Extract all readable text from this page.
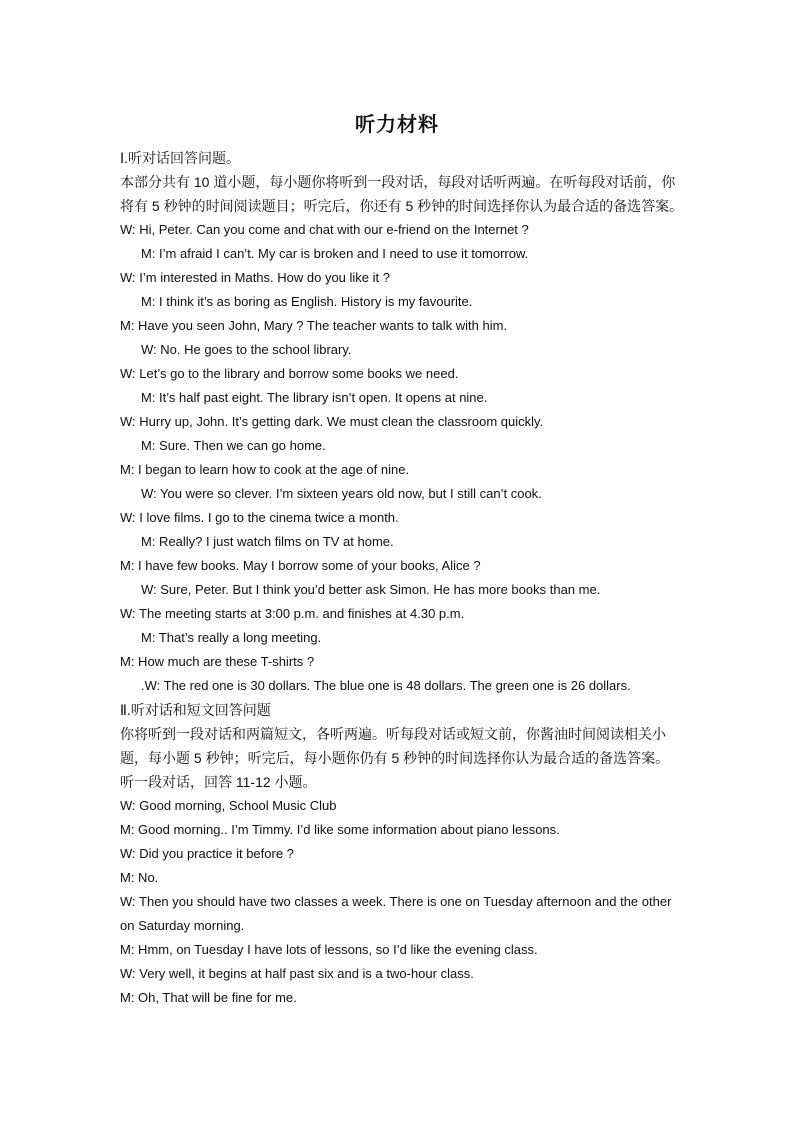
听力材料
Ⅰ.听对话回答问题。
本部分共有 10 道小题，每小题你将听到一段对话，每段对话听两遍。在听每段对话前，你
将有 5 秒钟的时间阅读题目；听完后，你还有 5 秒钟的时间选择你认为最合适的备选答案。
W: Hi, Peter. Can you come and chat with our e-friend on the Internet ?
M: I’m afraid I can’t. My car is broken and I need to use it tomorrow.
W: I’m interested in Maths. How do you like it ?
M: I think it’s as boring as English. History is my favourite.
M: Have you seen John, Mary ? The teacher wants to talk with him.
W: No. He goes to the school library.
W: Let’s go to the library and borrow some books we need.
M: It’s half past eight. The library isn’t open. It opens at nine.
W: Hurry up, John. It’s getting dark. We must clean the classroom quickly.
M: Sure. Then we can go home.
M: I began to learn how to cook at the age of nine.
W: You were so clever. I’m sixteen years old now, but I still can’t cook.
W: I love films. I go to the cinema twice a month.
M: Really? I just watch films on TV at home.
M: I have few books. May I borrow some of your books, Alice ?
W: Sure, Peter. But I think you’d better ask Simon. He has more books than me.
W: The meeting starts at 3:00 p.m. and finishes at 4.30 p.m.
M: That’s really a long meeting.
M: How much are these T-shirts ?
.W: The red one is 30 dollars. The blue one is 48 dollars. The green one is 26 dollars.
Ⅱ.听对话和短文回答问题
你将听到一段对话和两篇短文，各听两遍。听每段对话或短文前，你酱油时间阅读相关小
题，每小题 5 秒钟；听完后，每小题你仍有 5 秒钟的时间选择你认为最合适的备选答案。
听一段对话，回答 11-12 小题。
W: Good morning, School Music Club
M: Good morning.. I’m Timmy. I’d like some information about piano lessons.
W: Did you practice it before ?
M: No.
W: Then you should have two classes a week. There is one on Tuesday afternoon and the other
on Saturday morning.
M: Hmm, on Tuesday I have lots of lessons, so I’d like the evening class.
W: Very well, it begins at half past six and is a two-hour class.
M: Oh, That will be fine for me.
